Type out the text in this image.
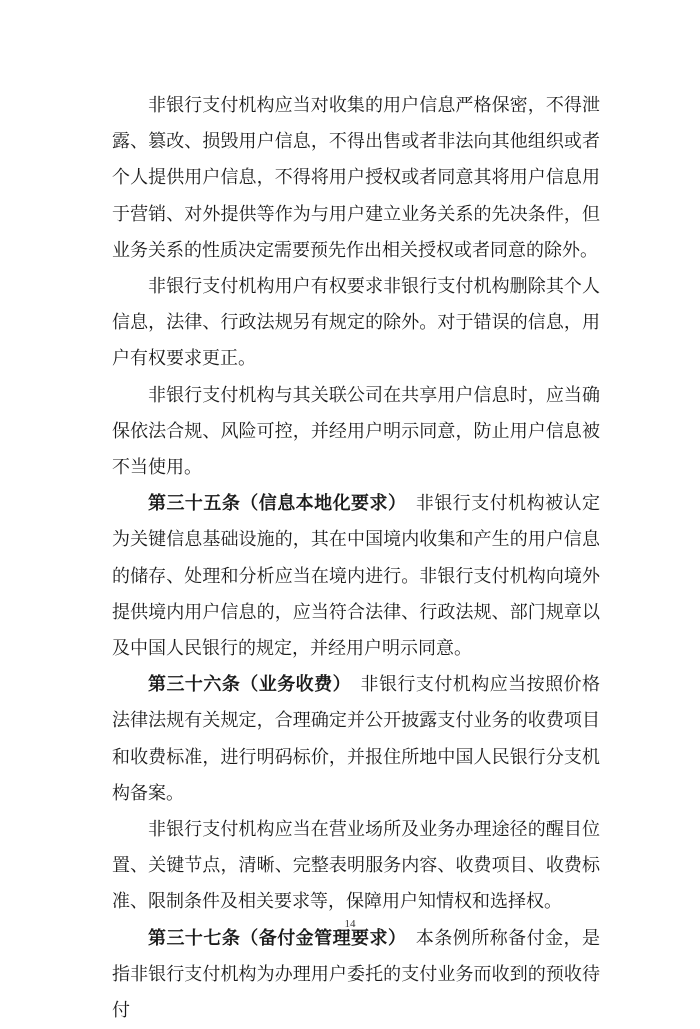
非银行支付机构应当对收集的用户信息严格保密，不得泄露、篡改、损毁用户信息，不得出售或者非法向其他组织或者个人提供用户信息，不得将用户授权或者同意其将用户信息用于营销、对外提供等作为与用户建立业务关系的先决条件，但业务关系的性质决定需要预先作出相关授权或者同意的除外。

非银行支付机构用户有权要求非银行支付机构删除其个人信息，法律、行政法规另有规定的除外。对于错误的信息，用户有权要求更正。

非银行支付机构与其关联公司在共享用户信息时，应当确保依法合规、风险可控，并经用户明示同意，防止用户信息被不当使用。

第三十五条（信息本地化要求）　非银行支付机构被认定为关键信息基础设施的，其在中国境内收集和产生的用户信息的储存、处理和分析应当在境内进行。非银行支付机构向境外提供境内用户信息的，应当符合法律、行政法规、部门规章以及中国人民银行的规定，并经用户明示同意。

第三十六条（业务收费）　非银行支付机构应当按照价格法律法规有关规定，合理确定并公开披露支付业务的收费项目和收费标准，进行明码标价，并报住所地中国人民银行分支机构备案。

非银行支付机构应当在营业场所及业务办理途径的醒目位置、关键节点，清晰、完整表明服务内容、收费项目、收费标准、限制条件及相关要求等，保障用户知情权和选择权。

第三十七条（备付金管理要求）　本条例所称备付金，是指非银行支付机构为办理用户委托的支付业务而收到的预收待付

14
